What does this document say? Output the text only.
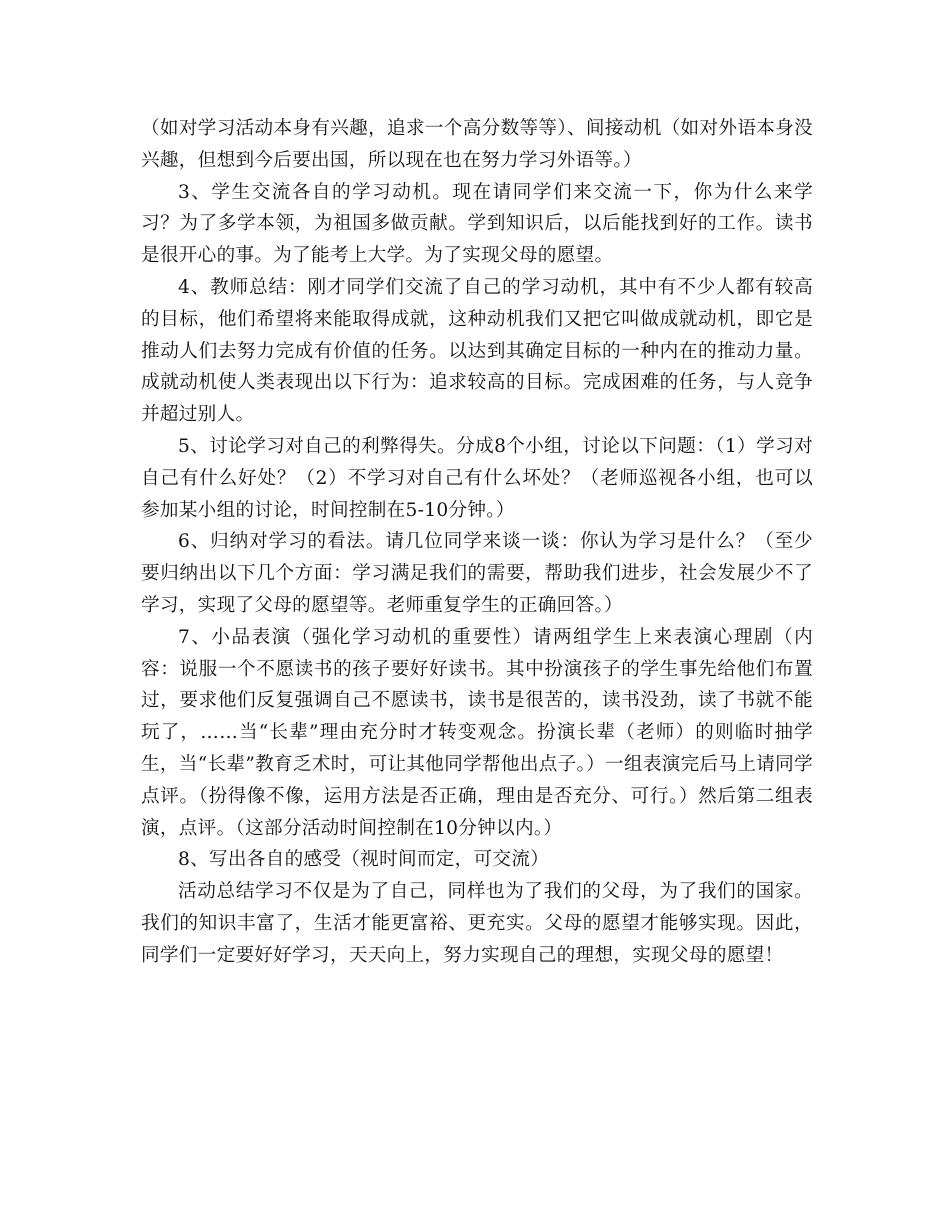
（如对学习活动本身有兴趣，追求一个高分数等等）、间接动机（如对外语本身没兴趣，但想到今后要出国，所以现在也在努力学习外语等。）

3、学生交流各自的学习动机。现在请同学们来交流一下，你为什么来学习？为了多学本领，为祖国多做贡献。学到知识后，以后能找到好的工作。读书是很开心的事。为了能考上大学。为了实现父母的愿望。

4、教师总结：刚才同学们交流了自己的学习动机，其中有不少人都有较高的目标，他们希望将来能取得成就，这种动机我们又把它叫做成就动机，即它是推动人们去努力完成有价值的任务。以达到其确定目标的一种内在的推动力量。成就动机使人类表现出以下行为：追求较高的目标。完成困难的任务，与人竞争并超过别人。

5、讨论学习对自己的利弊得失。分成8个小组，讨论以下问题：（1）学习对自己有什么好处？（2）不学习对自己有什么坏处？（老师巡视各小组，也可以参加某小组的讨论，时间控制在5-10分钟。）

6、归纳对学习的看法。请几位同学来谈一谈：你认为学习是什么？（至少要归纳出以下几个方面：学习满足我们的需要，帮助我们进步，社会发展少不了学习，实现了父母的愿望等。老师重复学生的正确回答。）

7、小品表演（强化学习动机的重要性）请两组学生上来表演心理剧（内容：说服一个不愿读书的孩子要好好读书。其中扮演孩子的学生事先给他们布置过，要求他们反复强调自己不愿读书，读书是很苦的，读书没劲，读了书就不能玩了，……当“长辈”理由充分时才转变观念。扮演长辈（老师）的则临时抽学生，当“长辈”教育乏术时，可让其他同学帮他出点子。）一组表演完后马上请同学点评。（扮得像不像，运用方法是否正确，理由是否充分、可行。）然后第二组表演，点评。（这部分活动时间控制在10分钟以内。）

8、写出各自的感受（视时间而定，可交流）

活动总结学习不仅是为了自己，同样也为了我们的父母，为了我们的国家。我们的知识丰富了，生活才能更富裕、更充实。父母的愿望才能够实现。因此，同学们一定要好好学习，天天向上，努力实现自己的理想，实现父母的愿望！
